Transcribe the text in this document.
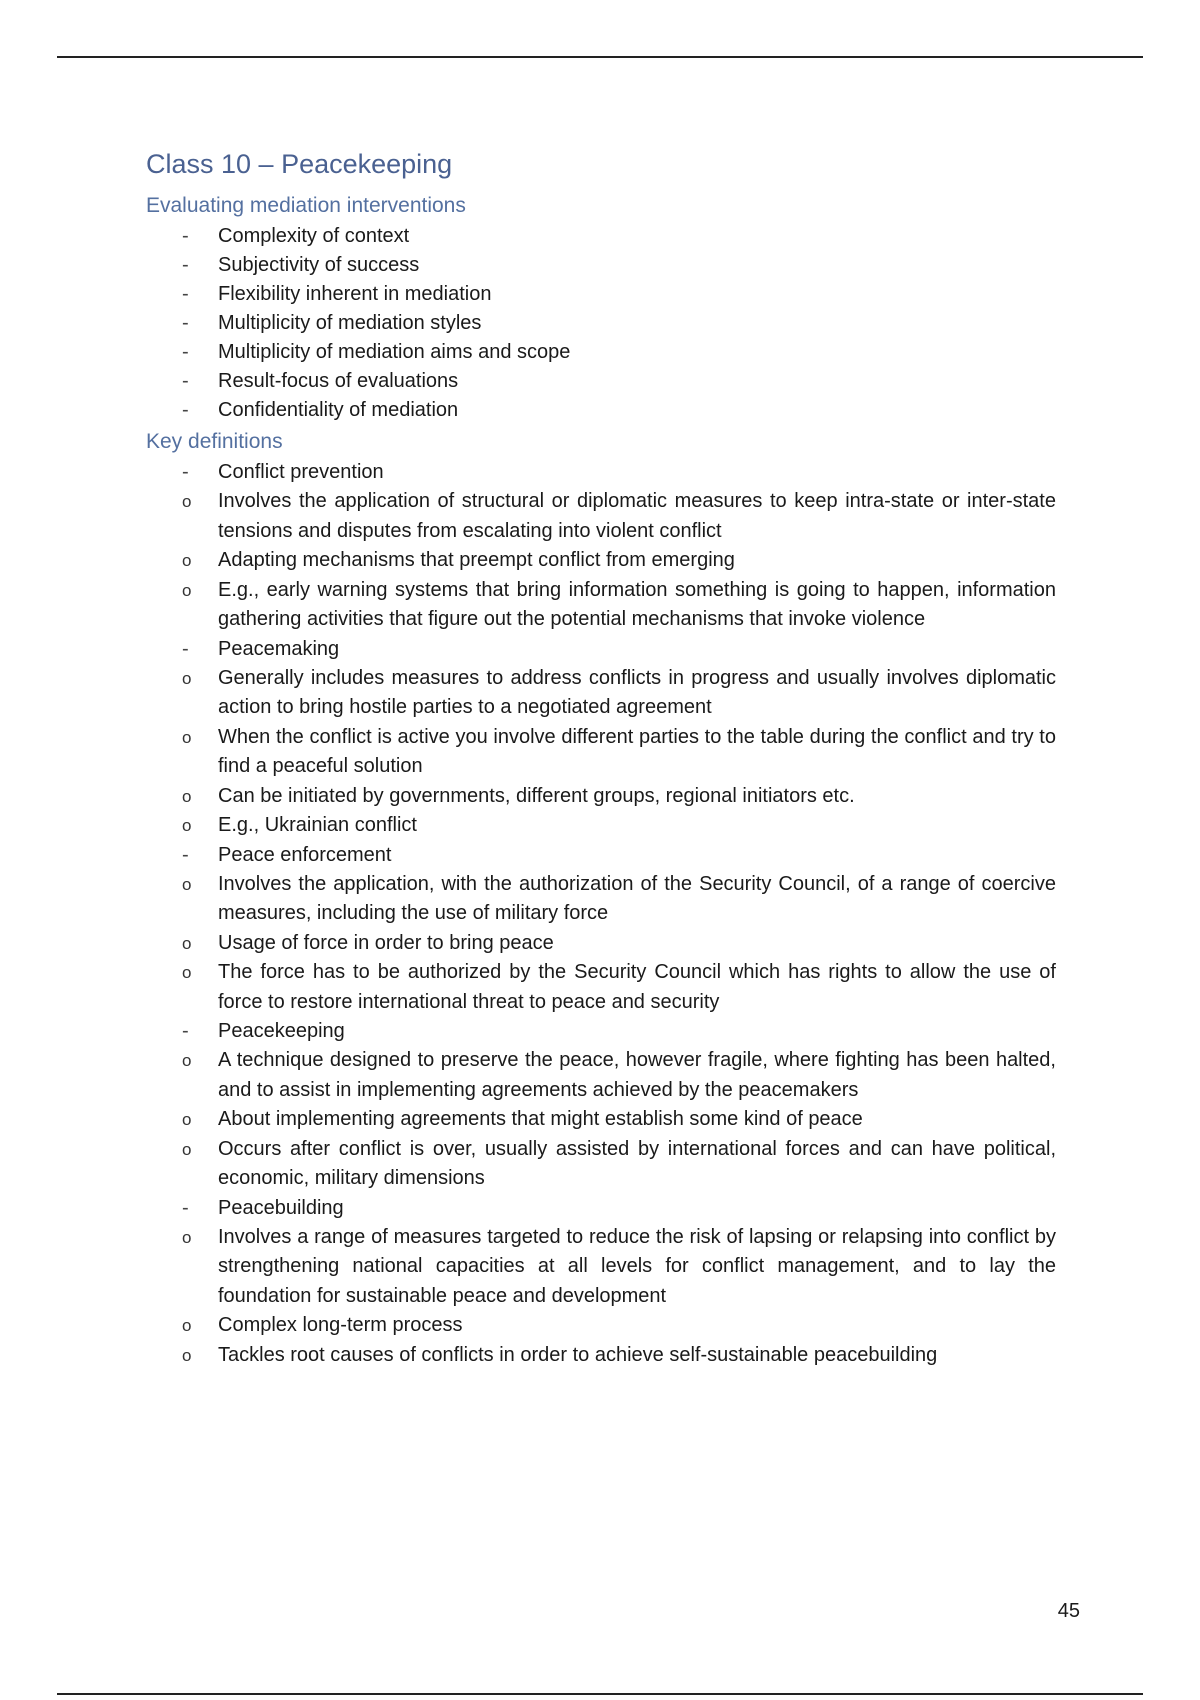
Class 10 – Peacekeeping
Evaluating mediation interventions
- Complexity of context
- Subjectivity of success
- Flexibility inherent in mediation
- Multiplicity of mediation styles
- Multiplicity of mediation aims and scope
- Result-focus of evaluations
- Confidentiality of mediation
Key definitions
- Conflict prevention
o Involves the application of structural or diplomatic measures to keep intra-state or inter-state tensions and disputes from escalating into violent conflict
o Adapting mechanisms that preempt conflict from emerging
o E.g., early warning systems that bring information something is going to happen, information gathering activities that figure out the potential mechanisms that invoke violence
- Peacemaking
o Generally includes measures to address conflicts in progress and usually involves diplomatic action to bring hostile parties to a negotiated agreement
o When the conflict is active you involve different parties to the table during the conflict and try to find a peaceful solution
o Can be initiated by governments, different groups, regional initiators etc.
o E.g., Ukrainian conflict
- Peace enforcement
o Involves the application, with the authorization of the Security Council, of a range of coercive measures, including the use of military force
o Usage of force in order to bring peace
o The force has to be authorized by the Security Council which has rights to allow the use of force to restore international threat to peace and security
- Peacekeeping
o A technique designed to preserve the peace, however fragile, where fighting has been halted, and to assist in implementing agreements achieved by the peacemakers
o About implementing agreements that might establish some kind of peace
o Occurs after conflict is over, usually assisted by international forces and can have political, economic, military dimensions
- Peacebuilding
o Involves a range of measures targeted to reduce the risk of lapsing or relapsing into conflict by strengthening national capacities at all levels for conflict management, and to lay the foundation for sustainable peace and development
o Complex long-term process
o Tackles root causes of conflicts in order to achieve self-sustainable peacebuilding
45
